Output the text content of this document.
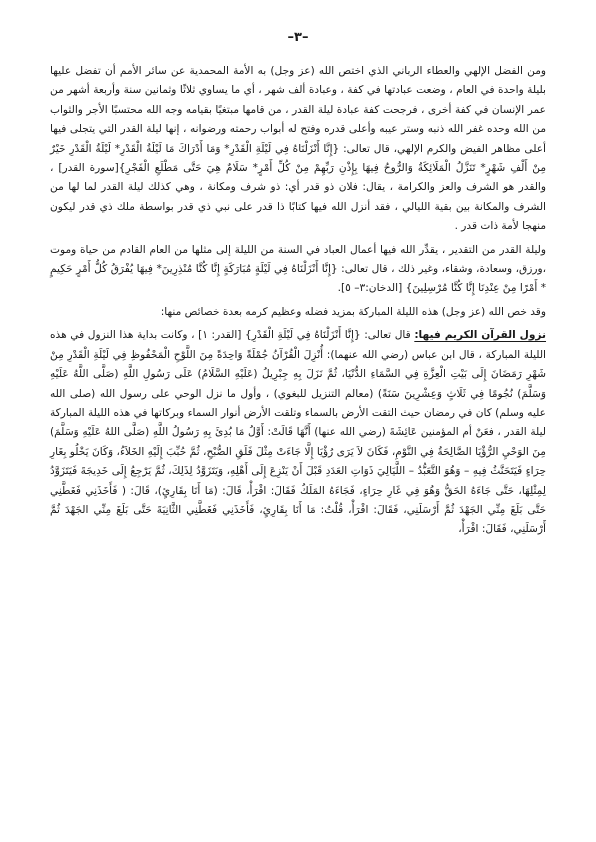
–٣–

ومن الفضل الإلهي والعطاء الرباني الذي اختص الله (عز وجل) به الأمة المحمدية عن سائر الأمم أن تفضل عليها بليلة واحدة في العام ، وضعت عبادتها في كفة ، وعبادة ألف شهر ، أي ما يساوي ثلاثًا وثمانين سنة وأربعة أشهر من عمر الإنسان في كفة أخرى ، فرجحت كفة عبادة ليلة القدر ، من قامها مبتغيًا بقيامه وجه الله محتسبًا الأجر والثواب من الله وحده غفر الله ذنبه وستر عيبه وأعلى قدره وفتح له أبواب رحمته ورضوانه ، إنها ليلة القدر التي يتجلى فيها أعلى مظاهر الفيض والكرم الإلهي، قال تعالى: {إِنَّا أَنْزَلْنَاهُ فِي لَيْلَةِ الْقَدْرِ* وَمَا أَدْرَاكَ مَا لَيْلَةُ الْقَدْرِ* لَيْلَةُ الْقَدْرِ خَيْرٌ مِنْ أَلْفِ شَهْرٍ* تَنَزَّلُ الْمَلَائِكَةُ وَالرُّوحُ فِيهَا بِإِذْنِ رَبِّهِمْ مِنْ كُلِّ أَمْرٍ* سَلَامٌ هِيَ حَتَّى مَطْلَعِ الْفَجْرِ}[سورة القدر] ، والقدر هو الشرف والعز والكرامة ، يقال: فلان ذو قدر أي: ذو شرف ومكانة ، وهي كذلك ليلة القدر لما لها من الشرف والمكانة بين بقية الليالي ، فقد أنزل الله فيها كتابًا ذا قدر على نبي ذي قدر بواسطة ملك ذي قدر ليكون منهجا لأمة ذات قدر .

وليلة القدر من التقدير ، يقدِّر الله فيها أعمال العباد في السنة من الليلة إلى مثلها من العام القادم من حياة وموت ،ورزق، وسعادة، وشقاء، وغير ذلك ، قال تعالى: {إِنَّا أَنْزَلْنَاهُ فِي لَيْلَةٍ مُبَارَكَةٍ إِنَّا كُنَّا مُنْذِرِينَ* فِيهَا يُفْرَقُ كُلُّ أَمْرٍ حَكِيمٍ * أَمْرًا مِنْ عِنْدِنَا إِنَّا كُنَّا مُرْسِلِينَ} [الدخان:٣– ٥].

وقد خص الله (عز وجل) هذه الليلة المباركة بمزيد فضله وعظيم كرمه بعدة خصائص منها:

نزول القرآن الكريم فيها: قال تعالى: {إِنَّا أَنْزَلْنَاهُ فِي لَيْلَةِ الْقَدْرِ} [القدر: ١] ، وكانت بداية هذا النزول في هذه الليلة المباركة ، قال ابن عباس (رضي الله عنهما): أُنْزِلَ الْقُرْآنُ جُمْلَةً وَاحِدَةً مِنَ اللَّوْحِ الْمَحْفُوظِ فِي لَيْلَةِ الْقَدْرِ مِنْ شَهْرِ رَمَضَانَ إِلَى بَيْتِ الْعِزَّةِ فِي السَّمَاءِ الدُّنْيَا، ثُمَّ نَزَلَ بِهِ جِبْرِيلُ (عَلَيْهِ السَّلَامُ) عَلَى رَسُولِ اللَّهِ (صَلَّى اللَّهُ عَلَيْهِ وَسَلَّمَ) نُجُومًا فِي ثَلَاثٍ وَعِشْرِينَ سَنَةً) (معالم التنزيل للبغوي) ، وأول ما نزل الوحي على رسول الله (صلى الله عليه وسلم) كان في رمضان حيث التقت الأرض بالسماء وتلقت الأرض أنوار السماء وبركاتها في هذه الليلة المباركة ليلة القدر ، فعَنْ أم المؤمنين عَائِشَةَ (رضي الله عنها) أَنَّهَا قَالَتْ: أَوَّلُ مَا بُدِئَ بِهِ رَسُولُ اللَّهِ (صَلَّى اللهُ عَلَيْهِ وَسَلَّمَ) مِنَ الوَحْيِ الرُّؤْيَا الصَّالِحَةُ فِي النَّوْمِ، فَكَانَ لاَ يَرَى رُؤْيَا إِلَّا جَاءَتْ مِثْلَ فَلَقِ الصُّبْحِ، ثُمَّ حُبِّبَ إِلَيْهِ الخَلاَءُ، وَكَانَ يَخْلُو بِغَارِ حِرَاءٍ فَيَتَحَنَّثُ فِيهِ – وَهُوَ التَّعَبُّدُ – اللَّيَالِيَ ذَوَاتِ العَدَدِ قَبْلَ أَنْ يَنْزِعَ إِلَى أَهْلِهِ، وَيَتَزَوَّدُ لِذَلِكَ، ثُمَّ يَرْجِعُ إِلَى خَدِيجَةَ فَيَتَزَوَّدُ لِمِثْلِهَا، حَتَّى جَاءَهُ الحَقُّ وَهُوَ فِي غَارِ حِرَاءٍ، فَجَاءَهُ المَلَكُ فَقَالَ: اقْرَأْ، قَالَ: (مَا أَنَا بِقَارِئٍ)، قَالَ: ( فَأَخَذَنِي فَغَطَّنِي حَتَّى بَلَغَ مِنِّي الجَهْدَ ثُمَّ أَرْسَلَنِي، فَقَالَ: اقْرَأْ، قُلْتُ: مَا أَنَا بِقَارِئٍ، فَأَخَذَنِي فَغَطَّنِي الثَّانِيَةَ حَتَّى بَلَغَ مِنِّي الجَهْدَ ثُمَّ أَرْسَلَنِي، فَقَالَ: اقْرَأْ،
